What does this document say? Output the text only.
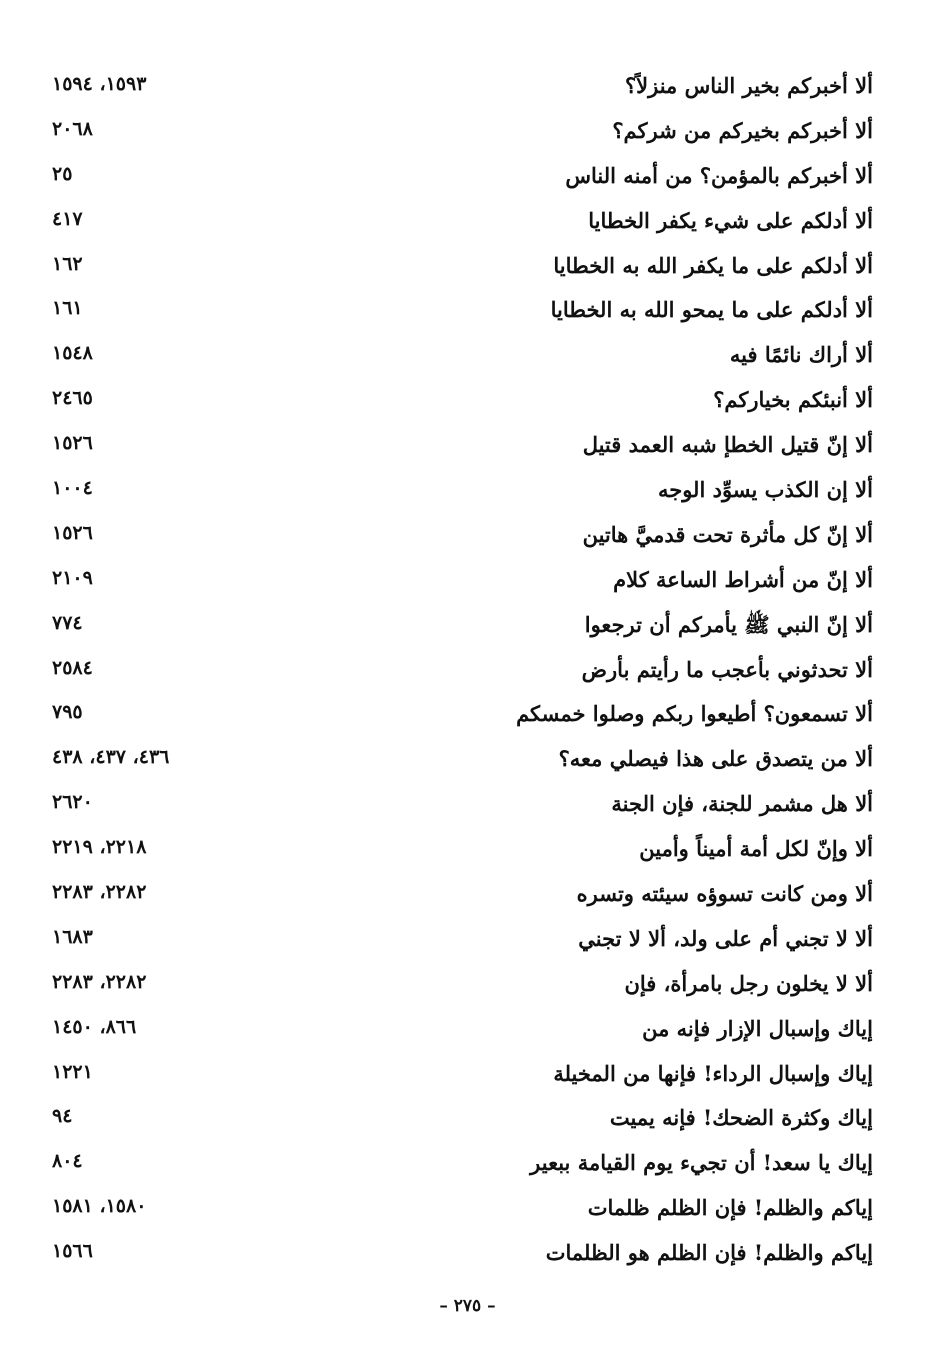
ألا أخبركم بخير الناس منزلاً؟
١٥٩٣، ١٥٩٤
ألا أخبركم بخيركم من شركم؟
٢٠٦٨
ألا أخبركم بالمؤمن؟ من أمنه الناس
٢٥
ألا أدلكم على شيء يكفر الخطايا
٤١٧
ألا أدلكم على ما يكفر الله به الخطايا
١٦٢
ألا أدلكم على ما يمحو الله به الخطايا
١٦١
ألا أراك نائمًا فيه
١٥٤٨
ألا أنبئكم بخياركم؟
٢٤٦٥
ألا إنّ قتيل الخطإ شبه العمد قتيل
١٥٢٦
ألا إن الكذب يسوِّد الوجه
١٠٠٤
ألا إنّ كل مأثرة تحت قدميَّ هاتين
١٥٢٦
ألا إنّ من أشراط الساعة كلام
٢١٠٩
ألا إنّ النبي ﷺ يأمركم أن ترجعوا
٧٧٤
ألا تحدثوني بأعجب ما رأيتم بأرض
٢٥٨٤
ألا تسمعون؟ أطيعوا ربكم وصلوا خمسكم
٧٩٥
ألا من يتصدق على هذا فيصلي معه؟
٤٣٦، ٤٣٧، ٤٣٨
ألا هل مشمر للجنة، فإن الجنة
٢٦٢٠
ألا وإنّ لكل أمة أميناً وأمين
٢٢١٨، ٢٢١٩
ألا ومن كانت تسوؤه سيئته وتسره
٢٢٨٢، ٢٢٨٣
ألا لا تجني أم على ولد، ألا لا تجني
١٦٨٣
ألا لا يخلون رجل بامرأة، فإن
٢٢٨٢، ٢٢٨٣
إياك وإسبال الإزار فإنه من
٨٦٦، ١٤٥٠
إياك وإسبال الرداء! فإنها من المخيلة
١٢٢١
إياك وكثرة الضحك! فإنه يميت
٩٤
إياك يا سعد! أن تجيء يوم القيامة ببعير
٨٠٤
إياكم والظلم! فإن الظلم ظلمات
١٥٨٠، ١٥٨١
إياكم والظلم! فإن الظلم هو الظلمات
١٥٦٦
– ٢٧٥ –
